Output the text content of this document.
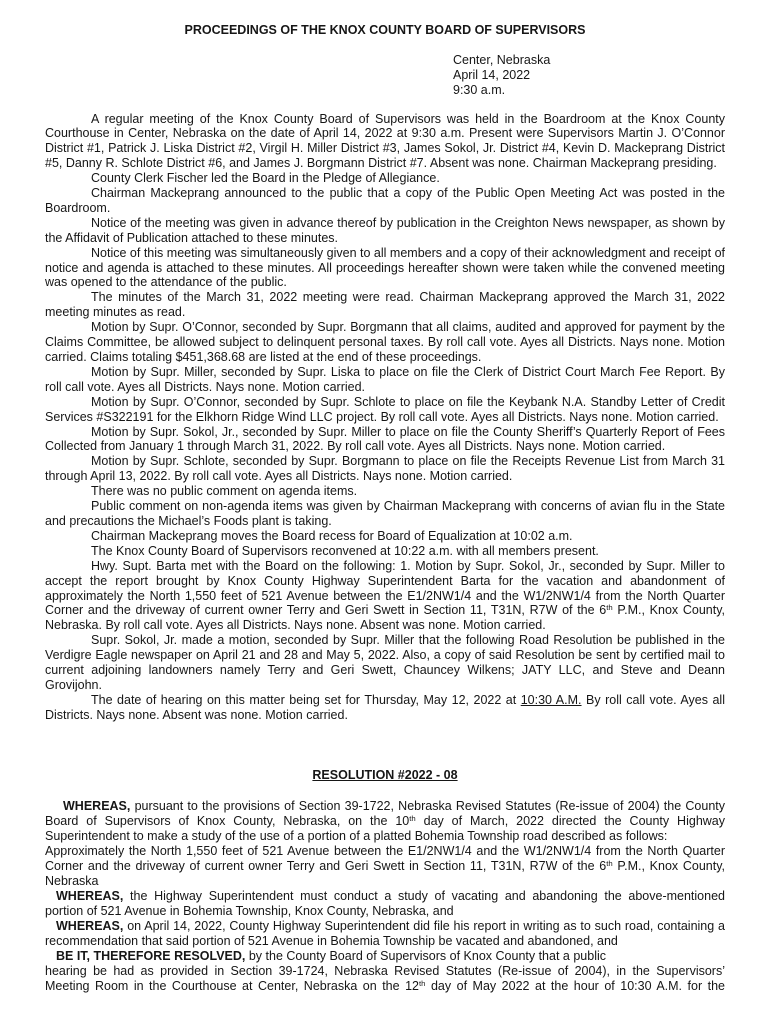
PROCEEDINGS OF THE KNOX COUNTY BOARD OF SUPERVISORS
Center, Nebraska
April 14, 2022
9:30 a.m.

A regular meeting of the Knox County Board of Supervisors was held in the Boardroom at the Knox County Courthouse in Center, Nebraska on the date of April 14, 2022 at 9:30 a.m. Present were Supervisors Martin J. O’Connor District #1, Patrick J. Liska District #2, Virgil H. Miller District #3, James Sokol, Jr. District #4, Kevin D. Mackeprang District #5, Danny R. Schlote District #6, and James J. Borgmann District #7. Absent was none. Chairman Mackeprang presiding.

County Clerk Fischer led the Board in the Pledge of Allegiance.

Chairman Mackeprang announced to the public that a copy of the Public Open Meeting Act was posted in the Boardroom.

Notice of the meeting was given in advance thereof by publication in the Creighton News newspaper, as shown by the Affidavit of Publication attached to these minutes.

Notice of this meeting was simultaneously given to all members and a copy of their acknowledgment and receipt of notice and agenda is attached to these minutes. All proceedings hereafter shown were taken while the convened meeting was opened to the attendance of the public.

The minutes of the March 31, 2022 meeting were read. Chairman Mackeprang approved the March 31, 2022 meeting minutes as read.

Motion by Supr. O’Connor, seconded by Supr. Borgmann that all claims, audited and approved for payment by the Claims Committee, be allowed subject to delinquent personal taxes. By roll call vote. Ayes all Districts. Nays none. Motion carried. Claims totaling $451,368.68 are listed at the end of these proceedings.

Motion by Supr. Miller, seconded by Supr. Liska to place on file the Clerk of District Court March Fee Report. By roll call vote. Ayes all Districts. Nays none. Motion carried.

Motion by Supr. O’Connor, seconded by Supr. Schlote to place on file the Keybank N.A. Standby Letter of Credit Services #S322191 for the Elkhorn Ridge Wind LLC project. By roll call vote. Ayes all Districts. Nays none. Motion carried.

Motion by Supr. Sokol, Jr., seconded by Supr. Miller to place on file the County Sheriff’s Quarterly Report of Fees Collected from January 1 through March 31, 2022. By roll call vote. Ayes all Districts. Nays none. Motion carried.

Motion by Supr. Schlote, seconded by Supr. Borgmann to place on file the Receipts Revenue List from March 31 through April 13, 2022. By roll call vote. Ayes all Districts. Nays none. Motion carried.

There was no public comment on agenda items.

Public comment on non-agenda items was given by Chairman Mackeprang with concerns of avian flu in the State and precautions the Michael’s Foods plant is taking.

Chairman Mackeprang moves the Board recess for Board of Equalization at 10:02 a.m.

The Knox County Board of Supervisors reconvened at 10:22 a.m. with all members present.

Hwy. Supt. Barta met with the Board on the following: 1. Motion by Supr. Sokol, Jr., seconded by Supr. Miller to accept the report brought by Knox County Highway Superintendent Barta for the vacation and abandonment of approximately the North 1,550 feet of 521 Avenue between the E1/2NW1/4 and the W1/2NW1/4 from the North Quarter Corner and the driveway of current owner Terry and Geri Swett in Section 11, T31N, R7W of the 6th P.M., Knox County, Nebraska. By roll call vote. Ayes all Districts. Nays none. Absent was none. Motion carried.

Supr. Sokol, Jr. made a motion, seconded by Supr. Miller that the following Road Resolution be published in the Verdigre Eagle newspaper on April 21 and 28 and May 5, 2022. Also, a copy of said Resolution be sent by certified mail to current adjoining landowners namely Terry and Geri Swett, Chauncey Wilkens; JATY LLC, and Steve and Deann Grovijohn.

The date of hearing on this matter being set for Thursday, May 12, 2022 at 10:30 A.M. By roll call vote. Ayes all Districts. Nays none. Absent was none. Motion carried.

RESOLUTION #2022 - 08

WHEREAS, pursuant to the provisions of Section 39-1722, Nebraska Revised Statutes (Re-issue of 2004) the County Board of Supervisors of Knox County, Nebraska, on the 10th day of March, 2022 directed the County Highway Superintendent to make a study of the use of a portion of a platted Bohemia Township road described as follows:

Approximately the North 1,550 feet of 521 Avenue between the E1/2NW1/4 and the W1/2NW1/4 from the North Quarter Corner and the driveway of current owner Terry and Geri Swett in Section 11, T31N, R7W of the 6th P.M., Knox County, Nebraska

WHEREAS, the Highway Superintendent must conduct a study of vacating and abandoning the above-mentioned portion of 521 Avenue in Bohemia Township, Knox County, Nebraska, and

WHEREAS, on April 14, 2022, County Highway Superintendent did file his report in writing as to such road, containing a recommendation that said portion of 521 Avenue in Bohemia Township be vacated and abandoned, and

BE IT, THEREFORE RESOLVED, by the County Board of Supervisors of Knox County that a public

hearing be had as provided in Section 39-1724, Nebraska Revised Statutes (Re-issue of 2004), in the Supervisors’ Meeting Room in the Courthouse at Center, Nebraska on the 12th day of May 2022 at the hour of 10:30 A.M. for the
